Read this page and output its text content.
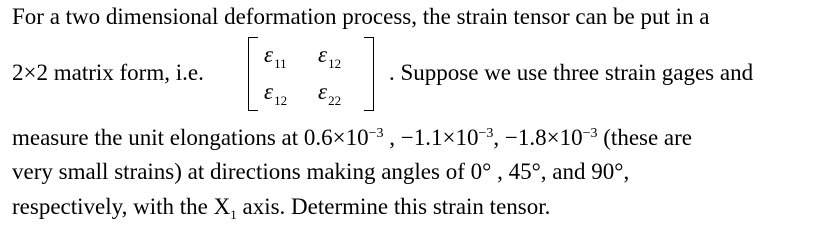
For a two dimensional deformation process, the strain tensor can be put in a
2×2 matrix form, i.e.
$\varepsilon_{11}$ $\varepsilon_{12}$
$\varepsilon_{12}$ $\varepsilon_{22}$
. Suppose we use three strain gages and
measure the unit elongations at $0.6\times 10^{-3}$ , $-1.1\times 10^{-3}$, $-1.8\times 10^{-3}$ (these are
very small strains) at directions making angles of 0° , 45°, and 90°,
respectively, with the $X_1$ axis. Determine this strain tensor.
